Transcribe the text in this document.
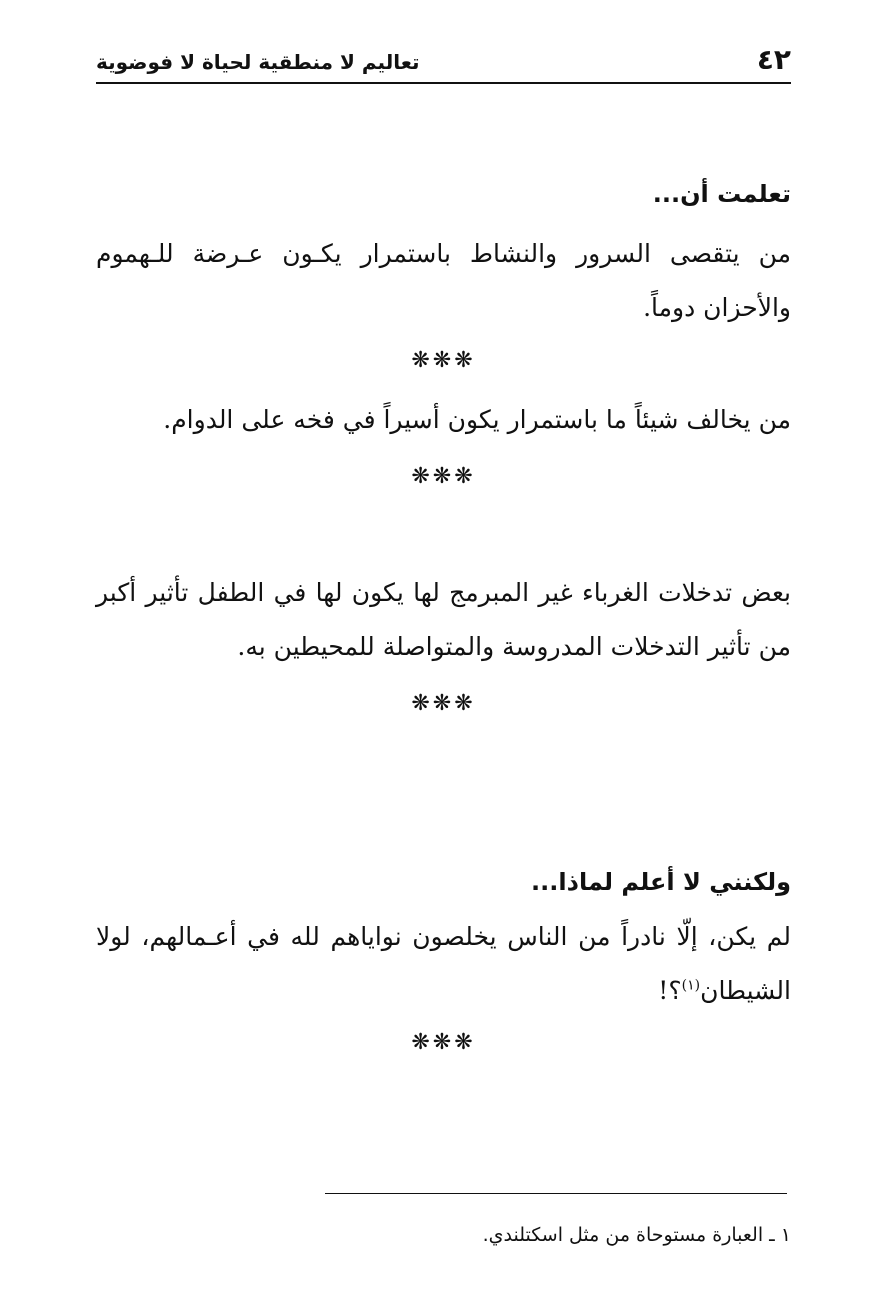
٤٢
تعاليم لا منطقية لحياة لا فوضوية
تعلمت أن...
من يتقصى السرور والنشاط باستمرار يكـون عـرضة للـهموم والأحزان دوماً.
❋❋❋
من يخالف شيئاً ما باستمرار يكون أسيراً في فخه على الدوام.
❋❋❋
بعض تدخلات الغرباء غير المبرمج لها يكون لها في الطفل تأثير أكبر من تأثير التدخلات المدروسة والمتواصلة للمحيطين به.
❋❋❋
ولكنني لا أعلم لماذا...
لم يكن، إلّا نادراً من الناس يخلصون نواياهم لله في أعـمالهم، لولا الشيطان$^{(١)}$؟!
❋❋❋
١ ـ العبارة مستوحاة من مثل اسكتلندي.
